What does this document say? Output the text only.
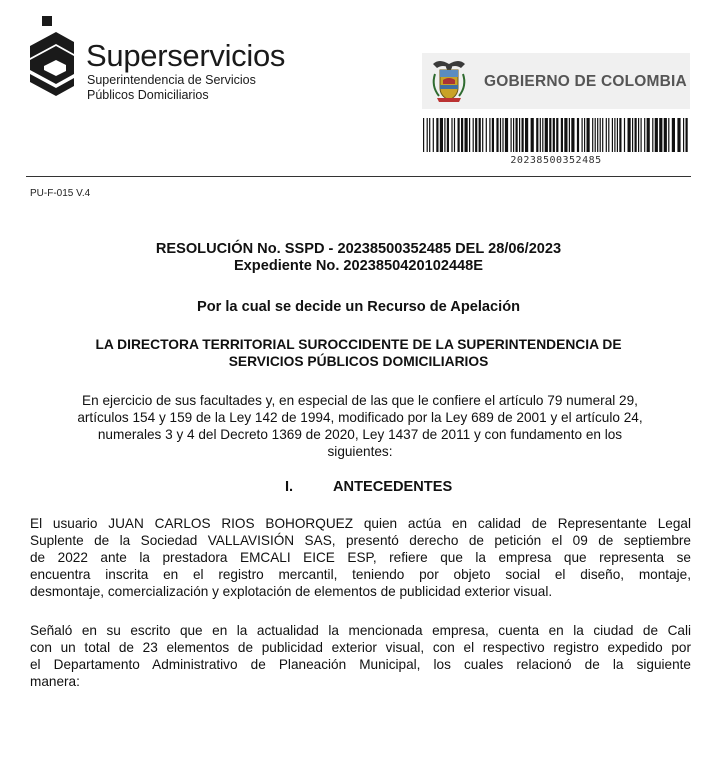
Superservicios
Superintendencia de Servicios
Públicos Domiciliarios
GOBIERNO DE COLOMBIA
20238500352485
PU-F-015 V.4
RESOLUCIÓN No. SSPD - 20238500352485 DEL 28/06/2023
Expediente No. 2023850420102448E
Por la cual se decide un Recurso de Apelación
LA DIRECTORA TERRITORIAL SUROCCIDENTE DE LA SUPERINTENDENCIA DE
SERVICIOS PÚBLICOS DOMICILIARIOS
En ejercicio de sus facultades y, en especial de las que le confiere el artículo 79 numeral 29,
artículos 154 y 159 de la Ley 142 de 1994, modificado por la Ley 689 de 2001 y el artículo 24,
numerales 3 y 4 del Decreto 1369 de 2020, Ley 1437 de 2011 y con fundamento en los
siguientes:
I.	ANTECEDENTES
El usuario JUAN CARLOS RIOS BOHORQUEZ quien actúa en calidad de Representante Legal
Suplente de la Sociedad VALLAVISIÓN SAS, presentó derecho de petición el 09 de septiembre
de 2022 ante la prestadora EMCALI EICE ESP, refiere que la empresa que representa se
encuentra inscrita en el registro mercantil, teniendo por objeto social el diseño, montaje,
desmontaje, comercialización y explotación de elementos de publicidad exterior visual.
Señaló en su escrito que en la actualidad la mencionada empresa, cuenta en la ciudad de Cali
con un total de 23 elementos de publicidad exterior visual, con el respectivo registro expedido por
el Departamento Administrativo de Planeación Municipal, los cuales relacionó de la siguiente
manera:
